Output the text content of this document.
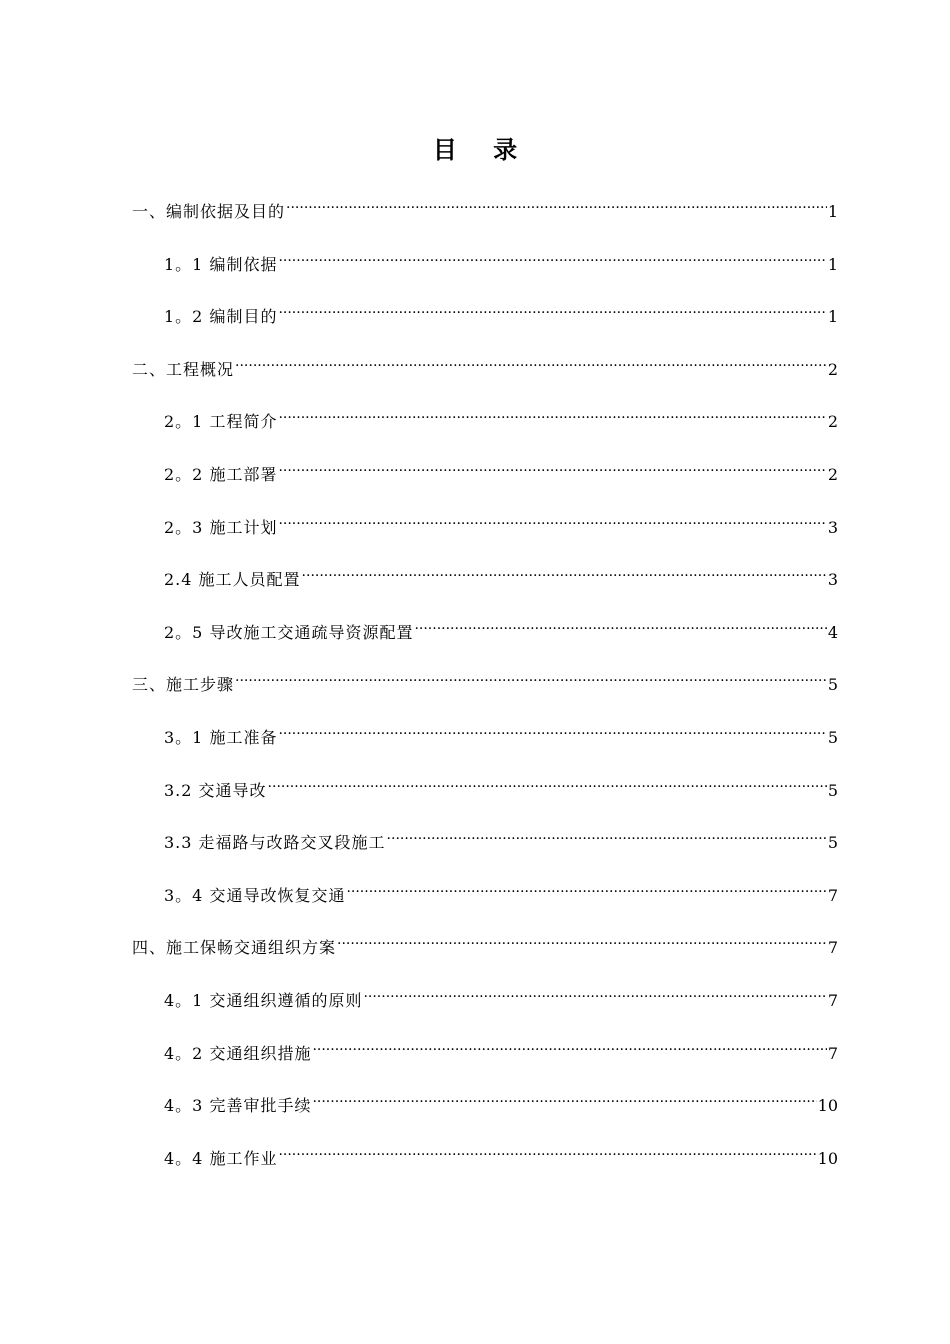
目 录
一、编制依据及目的 .....	1
1。1 编制依据 .....	1
1。2 编制目的 .....	1
二、工程概况 .....	2
2。1 工程简介 .....	2
2。2 施工部署 .....	2
2。3 施工计划 .....	3
2.4 施工人员配置 .....	3
2。5 导改施工交通疏导资源配置 .....	4
三、施工步骤 .....	5
3。1 施工准备 .....	5
3.2 交通导改 .....	5
3.3 走福路与改路交叉段施工 .....	5
3。4 交通导改恢复交通 .....	7
四、施工保畅交通组织方案 .....	7
4。1 交通组织遵循的原则 .....	7
4。2 交通组织措施 .....	7
4。3 完善审批手续 .....	10
4。4 施工作业 .....	10
